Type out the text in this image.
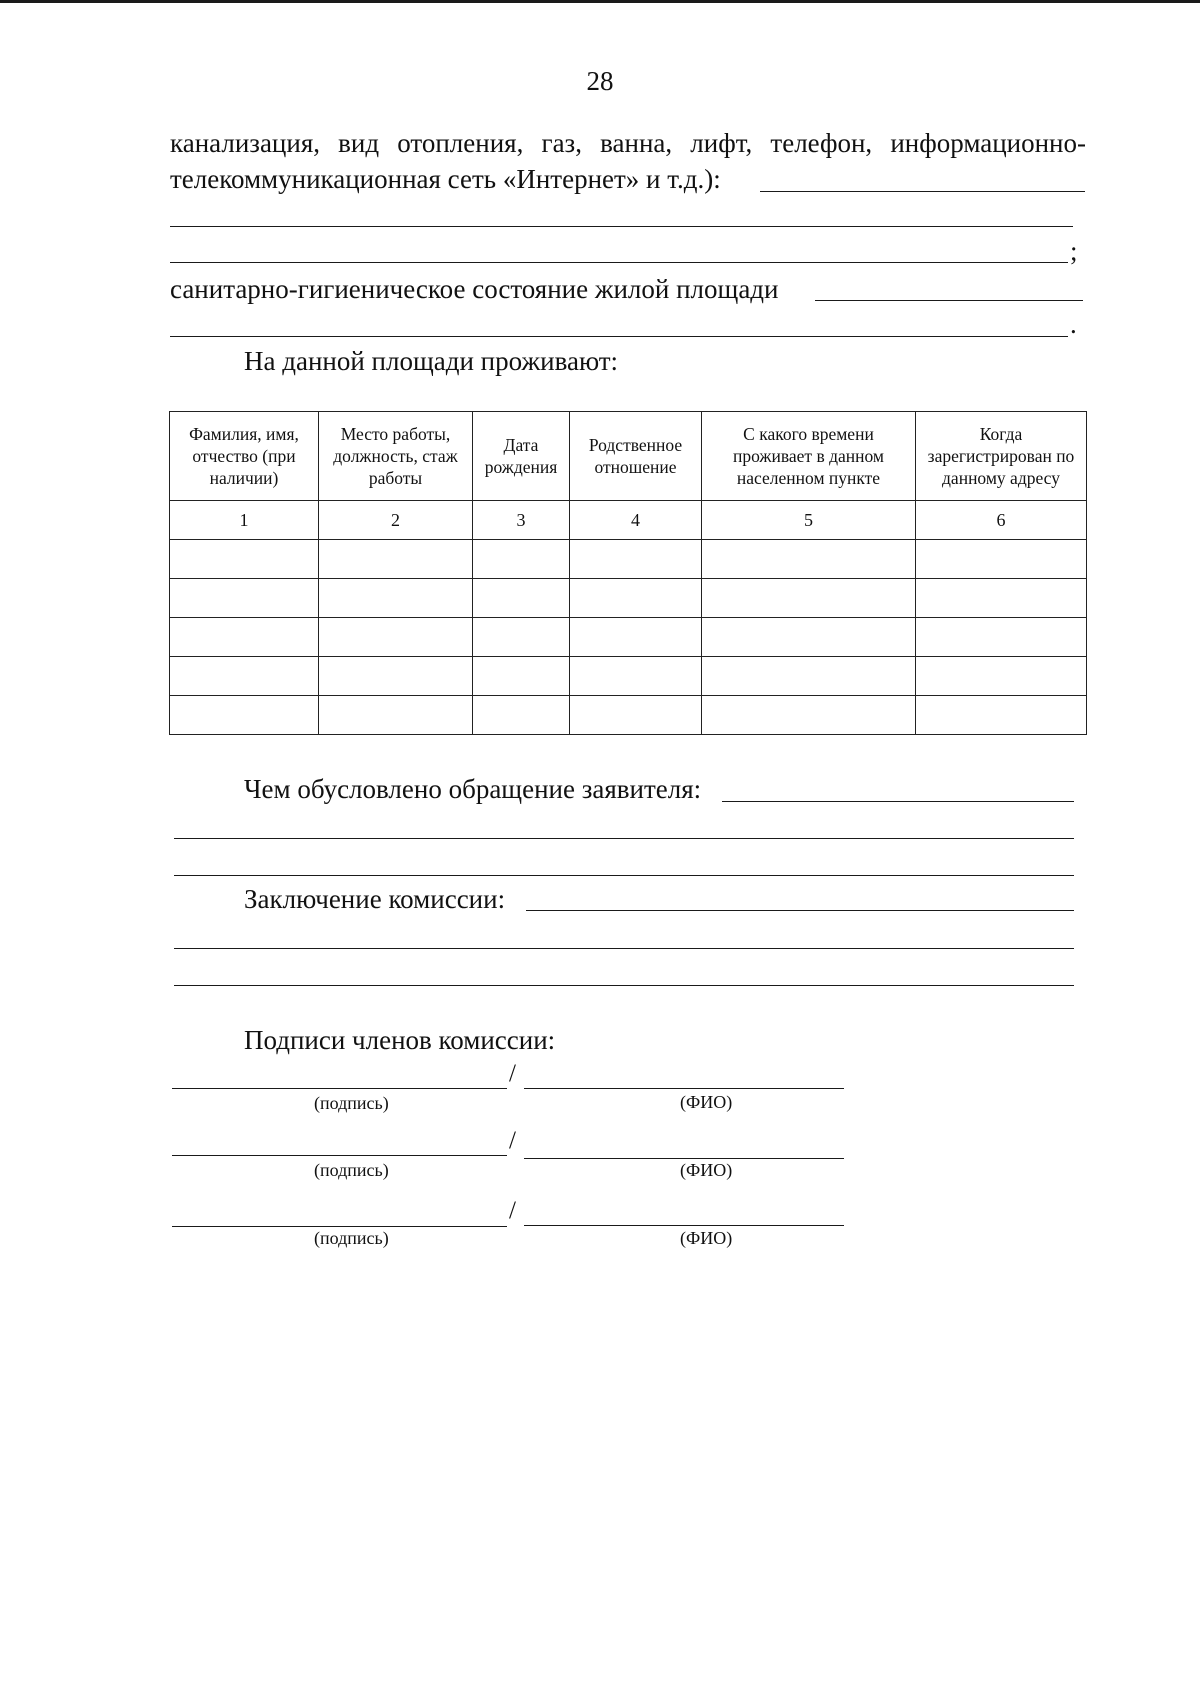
28
канализация, вид отопления, газ, ванна, лифт, телефон, информационно-
телекоммуникационная сеть «Интернет» и т.д.):
;
санитарно-гигиеническое состояние жилой площади
.
На данной площади проживают:
Фамилия, имя, отчество (при наличии)	Место работы, должность, стаж работы	Дата рождения	Родственное отношение	С какого времени проживает в данном населенном пункте	Когда зарегистрирован по данному адресу
1	2	3	4	5	6

Чем обусловлено обращение заявителя:
Заключение комиссии:
Подписи членов комиссии:
/
(подпись)	(ФИО)
/
(подпись)	(ФИО)
/
(подпись)	(ФИО)
